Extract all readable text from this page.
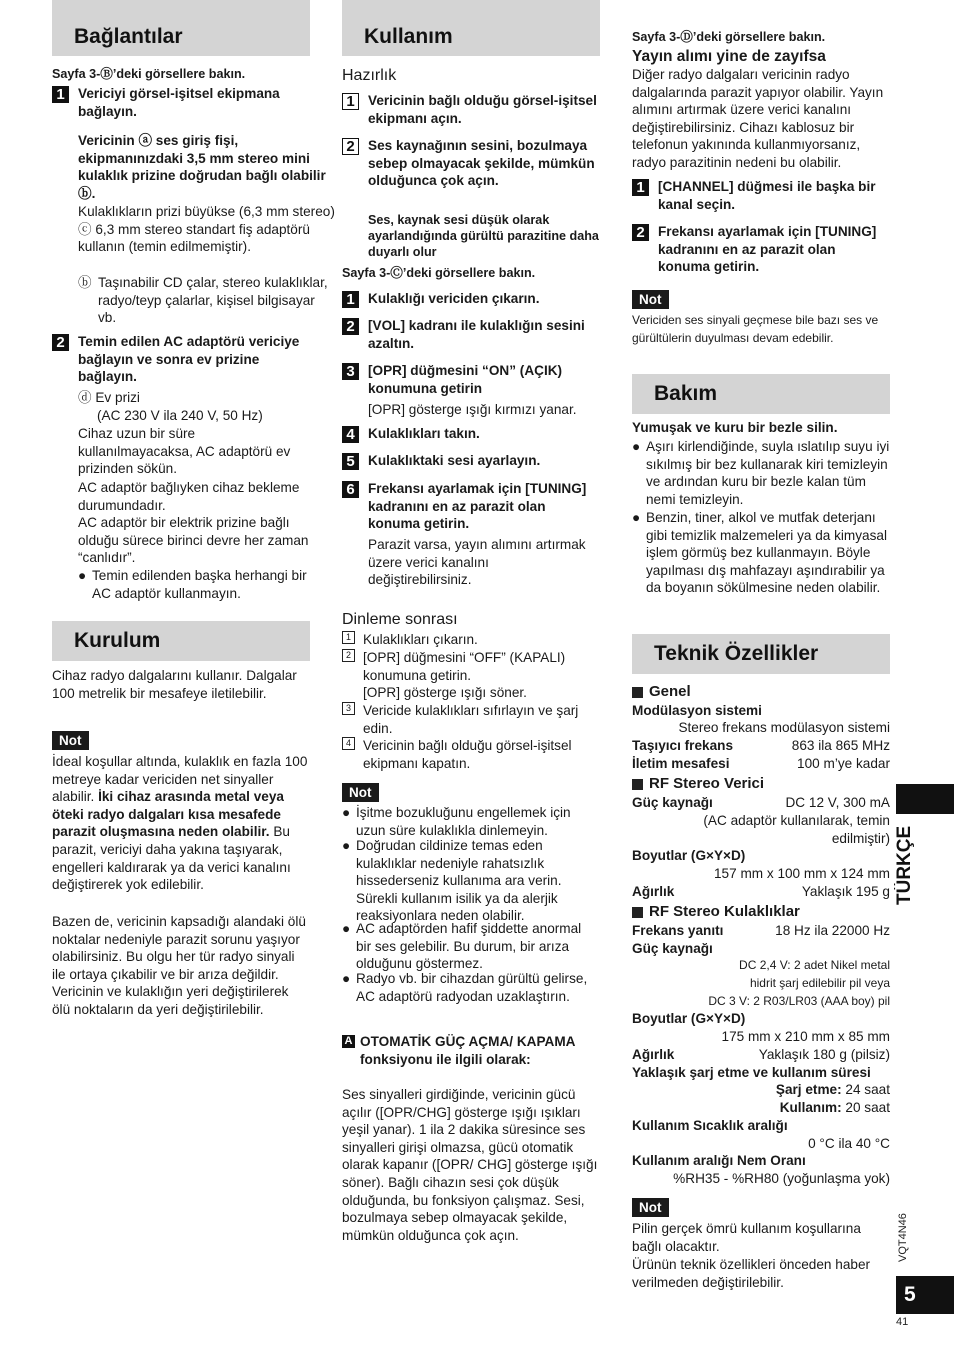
Bağlantılar
Sayfa 3-Ⓑ’deki görsellere bakın.
1 Vericiyi görsel-işitsel ekipmana bağlayın.
Vericinin ⓐ ses giriş fişi, ekipmanınızdaki 3,5 mm stereo mini kulaklık prizine doğrudan bağlı olabilir ⓑ.
Kulaklıkların prizi büyükse (6,3 mm stereo) ⓒ 6,3 mm stereo standart fiş adaptörü kullanın (temin edilmemiştir).
ⓑ Taşınabilir CD çalar, stereo kulaklıklar, radyo/teyp çalarlar, kişisel bilgisayar vb.
2 Temin edilen AC adaptörü vericiye bağlayın ve sonra ev prizine bağlayın.
ⓓ Ev prizi
(AC 230 V ila 240 V, 50 Hz)
Cihaz uzun bir süre kullanılmayacaksa, AC adaptörü ev prizinden sökün.
AC adaptör bağlıyken cihaz bekleme durumundadır.
AC adaptör bir elektrik prizine bağlı olduğu sürece birinci devre her zaman “canlıdır”.
● Temin edilenden başka herhangi bir AC adaptör kullanmayın.
Kurulum
Cihaz radyo dalgalarını kullanır. Dalgalar 100 metrelik bir mesafeye iletilebilir.
Not
İdeal koşullar altında, kulaklık en fazla 100 metreye kadar vericiden net sinyaller alabilir. İki cihaz arasında metal veya öteki radyo dalgaları kısa mesafede parazit oluşmasına neden olabilir. Bu parazit, vericiyi daha yakına taşıyarak, engelleri kaldırarak ya da verici kanalını değiştirerek yok edilebilir.
Bazen de, vericinin kapsadığı alandaki ölü noktalar nedeniyle parazit sorunu yaşıyor olabilirsiniz. Bu olgu her tür radyo sinyali ile ortaya çıkabilir ve bir arıza değildir. Vericinin ve kulaklığın yeri değiştirilerek ölü noktaların da yeri değiştirilebilir.
Kullanım
Hazırlık
1 Vericinin bağlı olduğu görsel-işitsel ekipmanı açın.
2 Ses kaynağının sesini, bozulmaya sebep olmayacak şekilde, mümkün olduğunca çok açın.
Ses, kaynak sesi düşük olarak ayarlandığında gürültü parazitine daha duyarlı olur
Sayfa 3-Ⓒ’deki görsellere bakın.
1 Kulaklığı vericiden çıkarın.
2 [VOL] kadranı ile kulaklığın sesini azaltın.
3 [OPR] düğmesini “ON” (AÇIK) konumuna getirin
[OPR] gösterge ışığı kırmızı yanar.
4 Kulaklıkları takın.
5 Kulaklıktaki sesi ayarlayın.
6 Frekansı ayarlamak için [TUNING] kadranını en az parazit olan konuma getirin.
Parazit varsa, yayın alımını artırmak üzere verici kanalını değiştirebilirsiniz.
Dinleme sonrası
1 Kulaklıkları çıkarın.
2 [OPR] düğmesini “OFF” (KAPALI) konumuna getirin.
[OPR] gösterge ışığı söner.
3 Vericide kulaklıkları sıfırlayın ve şarj edin.
4 Vericinin bağlı olduğu görsel-işitsel ekipmanı kapatın.
Not
● İşitme bozukluğunu engellemek için uzun süre kulaklıkla dinlemeyin.
● Doğrudan cildinize temas eden kulaklıklar nedeniyle rahatsızlık hissederseniz kullanıma ara verin. Sürekli kullanım isilik ya da alerjik reaksiyonlara neden olabilir.
● AC adaptörden hafif şiddette anormal bir ses gelebilir. Bu durum, bir arıza olduğunu göstermez.
● Radyo vb. bir cihazdan gürültü gelirse, AC adaptörü radyodan uzaklaştırın.
A OTOMATİK GÜÇ AÇMA/ KAPAMA fonksiyonu ile ilgili olarak:
Ses sinyalleri girdiğinde, vericinin gücü açılır ([OPR/CHG] gösterge ışığı ışıkları yeşil yanar). 1 ila 2 dakika süresince ses sinyalleri girişi olmazsa, gücü otomatik olarak kapanır ([OPR/ CHG] gösterge ışığı söner). Bağlı cihazın sesi çok düşük olduğunda, bu fonksiyon çalışmaz. Sesi, bozulmaya sebep olmayacak şekilde, mümkün olduğunca çok açın.
Sayfa 3-Ⓓ’deki görsellere bakın.
Yayın alımı yine de zayıfsa
Diğer radyo dalgaları vericinin radyo dalgalarında parazit yapıyor olabilir. Yayın alımını artırmak üzere verici kanalını değiştirebilirsiniz. Cihazı kablosuz bir telefonun yakınında kullanmıyorsanız, radyo parazitinin nedeni bu olabilir.
1 [CHANNEL] düğmesi ile başka bir kanal seçin.
2 Frekansı ayarlamak için [TUNING] kadranını en az parazit olan konuma getirin.
Not
Vericiden ses sinyali geçmese bile bazı ses ve gürültülerin duyulması devam edebilir.
Bakım
Yumuşak ve kuru bir bezle silin.
● Aşırı kirlendiğinde, suyla ıslatılıp suyu iyi sıkılmış bir bez kullanarak kiri temizleyin ve ardından kuru bir bezle kalan tüm nemi temizleyin.
● Benzin, tiner, alkol ve mutfak deterjanı gibi temizlik malzemeleri ya da kimyasal işlem görmüş bez kullanmayın. Böyle yapılması dış mahfazayı aşındırabilir ya da boyanın sökülmesine neden olabilir.
Teknik Özellikler
Genel
Modülasyon sistemi
Stereo frekans modülasyon sistemi
Taşıyıcı frekans	863 ila 865 MHz
İletim mesafesi	100 m’ye kadar
RF Stereo Verici
Güç kaynağı	DC 12 V, 300 mA
(AC adaptör kullanılarak, temin edilmiştir)
Boyutlar (G×Y×D)
157 mm x 100 mm x 124 mm
Ağırlık	Yaklaşık 195 g
RF Stereo Kulaklıklar
Frekans yanıtı	18 Hz ila 22000 Hz
Güç kaynağı
DC 2,4 V: 2 adet Nikel metal
hidrit şarj edilebilir pil veya
DC 3 V: 2 R03/LR03 (AAA boy) pil
Boyutlar (G×Y×D)
175 mm x 210 mm x 85 mm
Ağırlık	Yaklaşık 180 g (pilsiz)
Yaklaşık şarj etme ve kullanım süresi
Şarj etme: 24 saat
Kullanım: 20 saat
Kullanım Sıcaklık aralığı
0 °C ila 40 °C
Kullanım aralığı Nem Oranı
%RH35 - %RH80 (yoğunlaşma yok)
Not
Pilin gerçek ömrü kullanım koşullarına bağlı olacaktır.
Ürünün teknik özellikleri önceden haber verilmeden değiştirilebilir.
TÜRKÇE
VQT4N46
5
41
